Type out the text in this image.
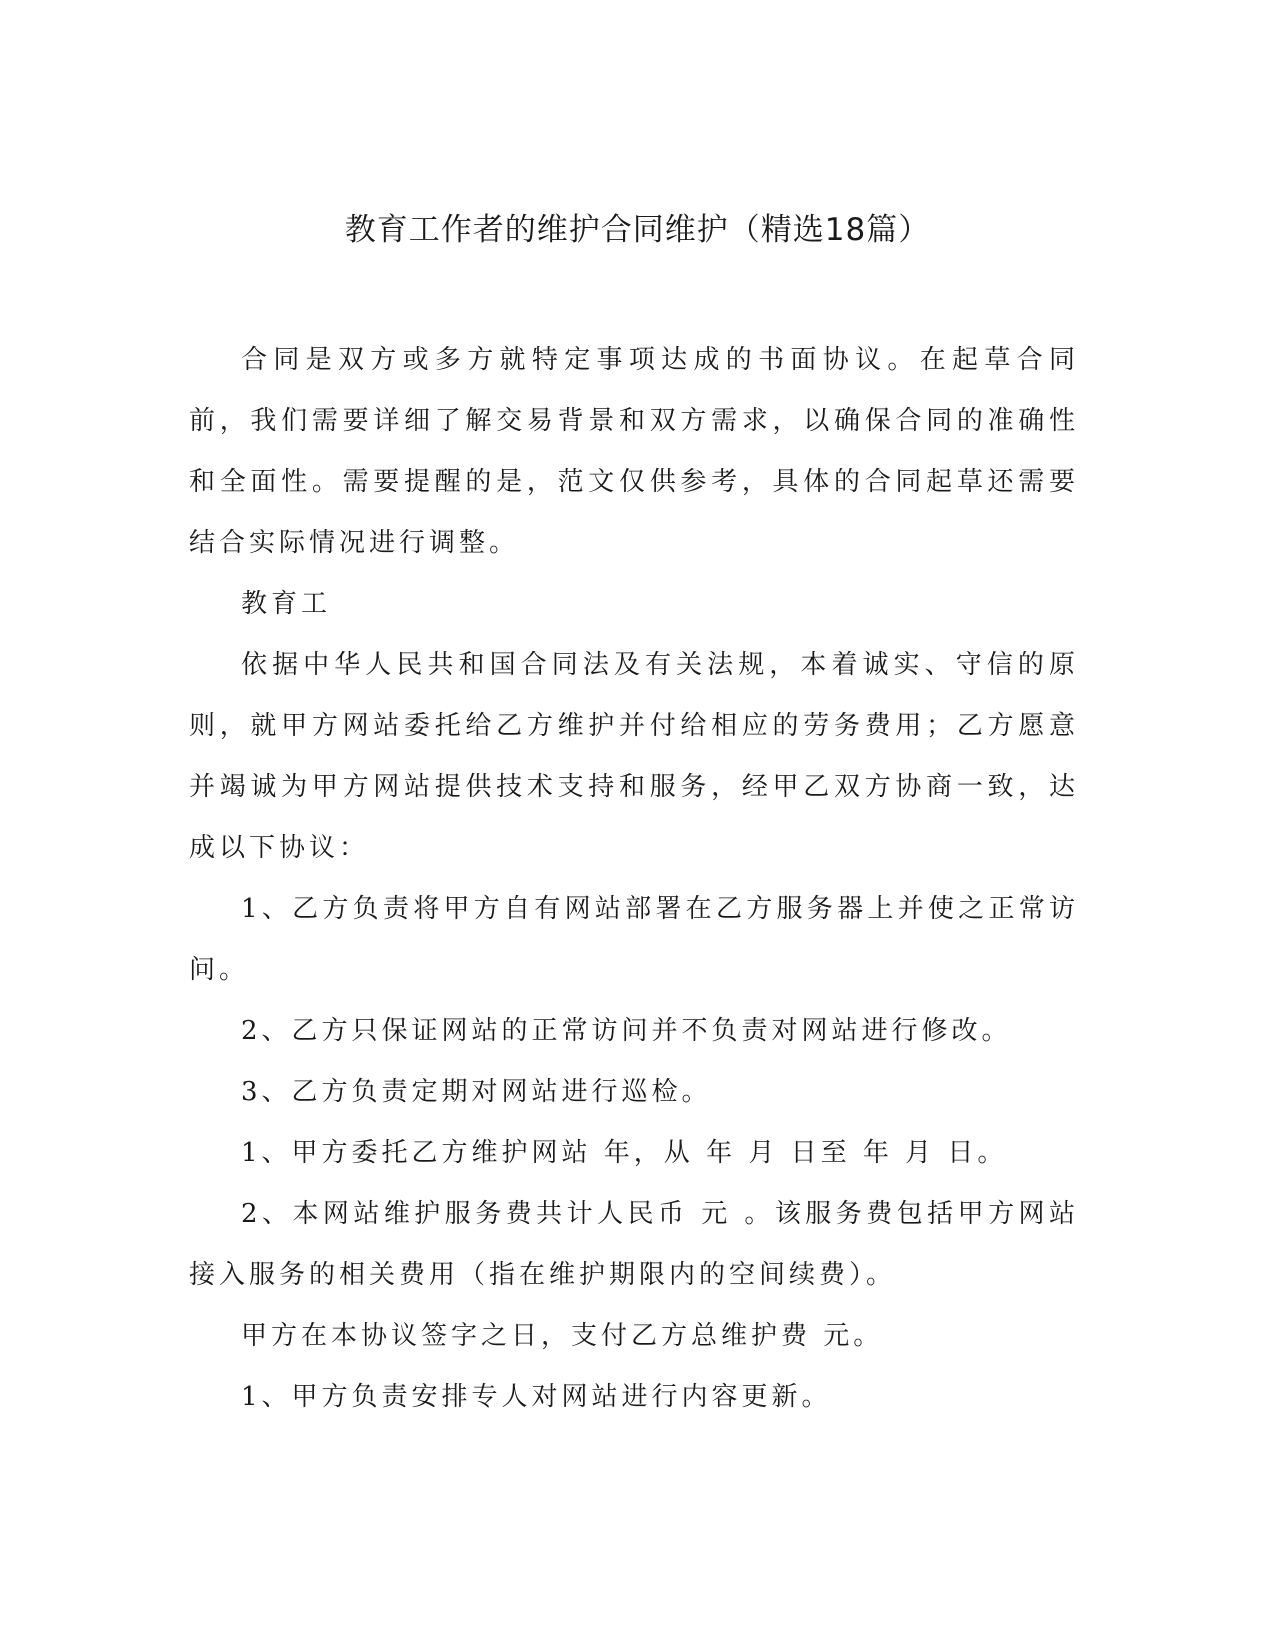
教育工作者的维护合同维护（精选18篇）

合同是双方或多方就特定事项达成的书面协议。在起草合同前，我们需要详细了解交易背景和双方需求，以确保合同的准确性和全面性。需要提醒的是，范文仅供参考，具体的合同起草还需要结合实际情况进行调整。

教育工

依据中华人民共和国合同法及有关法规，本着诚实、守信的原则，就甲方网站委托给乙方维护并付给相应的劳务费用；乙方愿意并竭诚为甲方网站提供技术支持和服务，经甲乙双方协商一致，达成以下协议：

1、乙方负责将甲方自有网站部署在乙方服务器上并使之正常访问。

2、乙方只保证网站的正常访问并不负责对网站进行修改。

3、乙方负责定期对网站进行巡检。

1、甲方委托乙方维护网站 年，从 年 月 日至 年 月 日。

2、本网站维护服务费共计人民币 元 。该服务费包括甲方网站接入服务的相关费用（指在维护期限内的空间续费）。

甲方在本协议签字之日，支付乙方总维护费 元。

1、甲方负责安排专人对网站进行内容更新。
